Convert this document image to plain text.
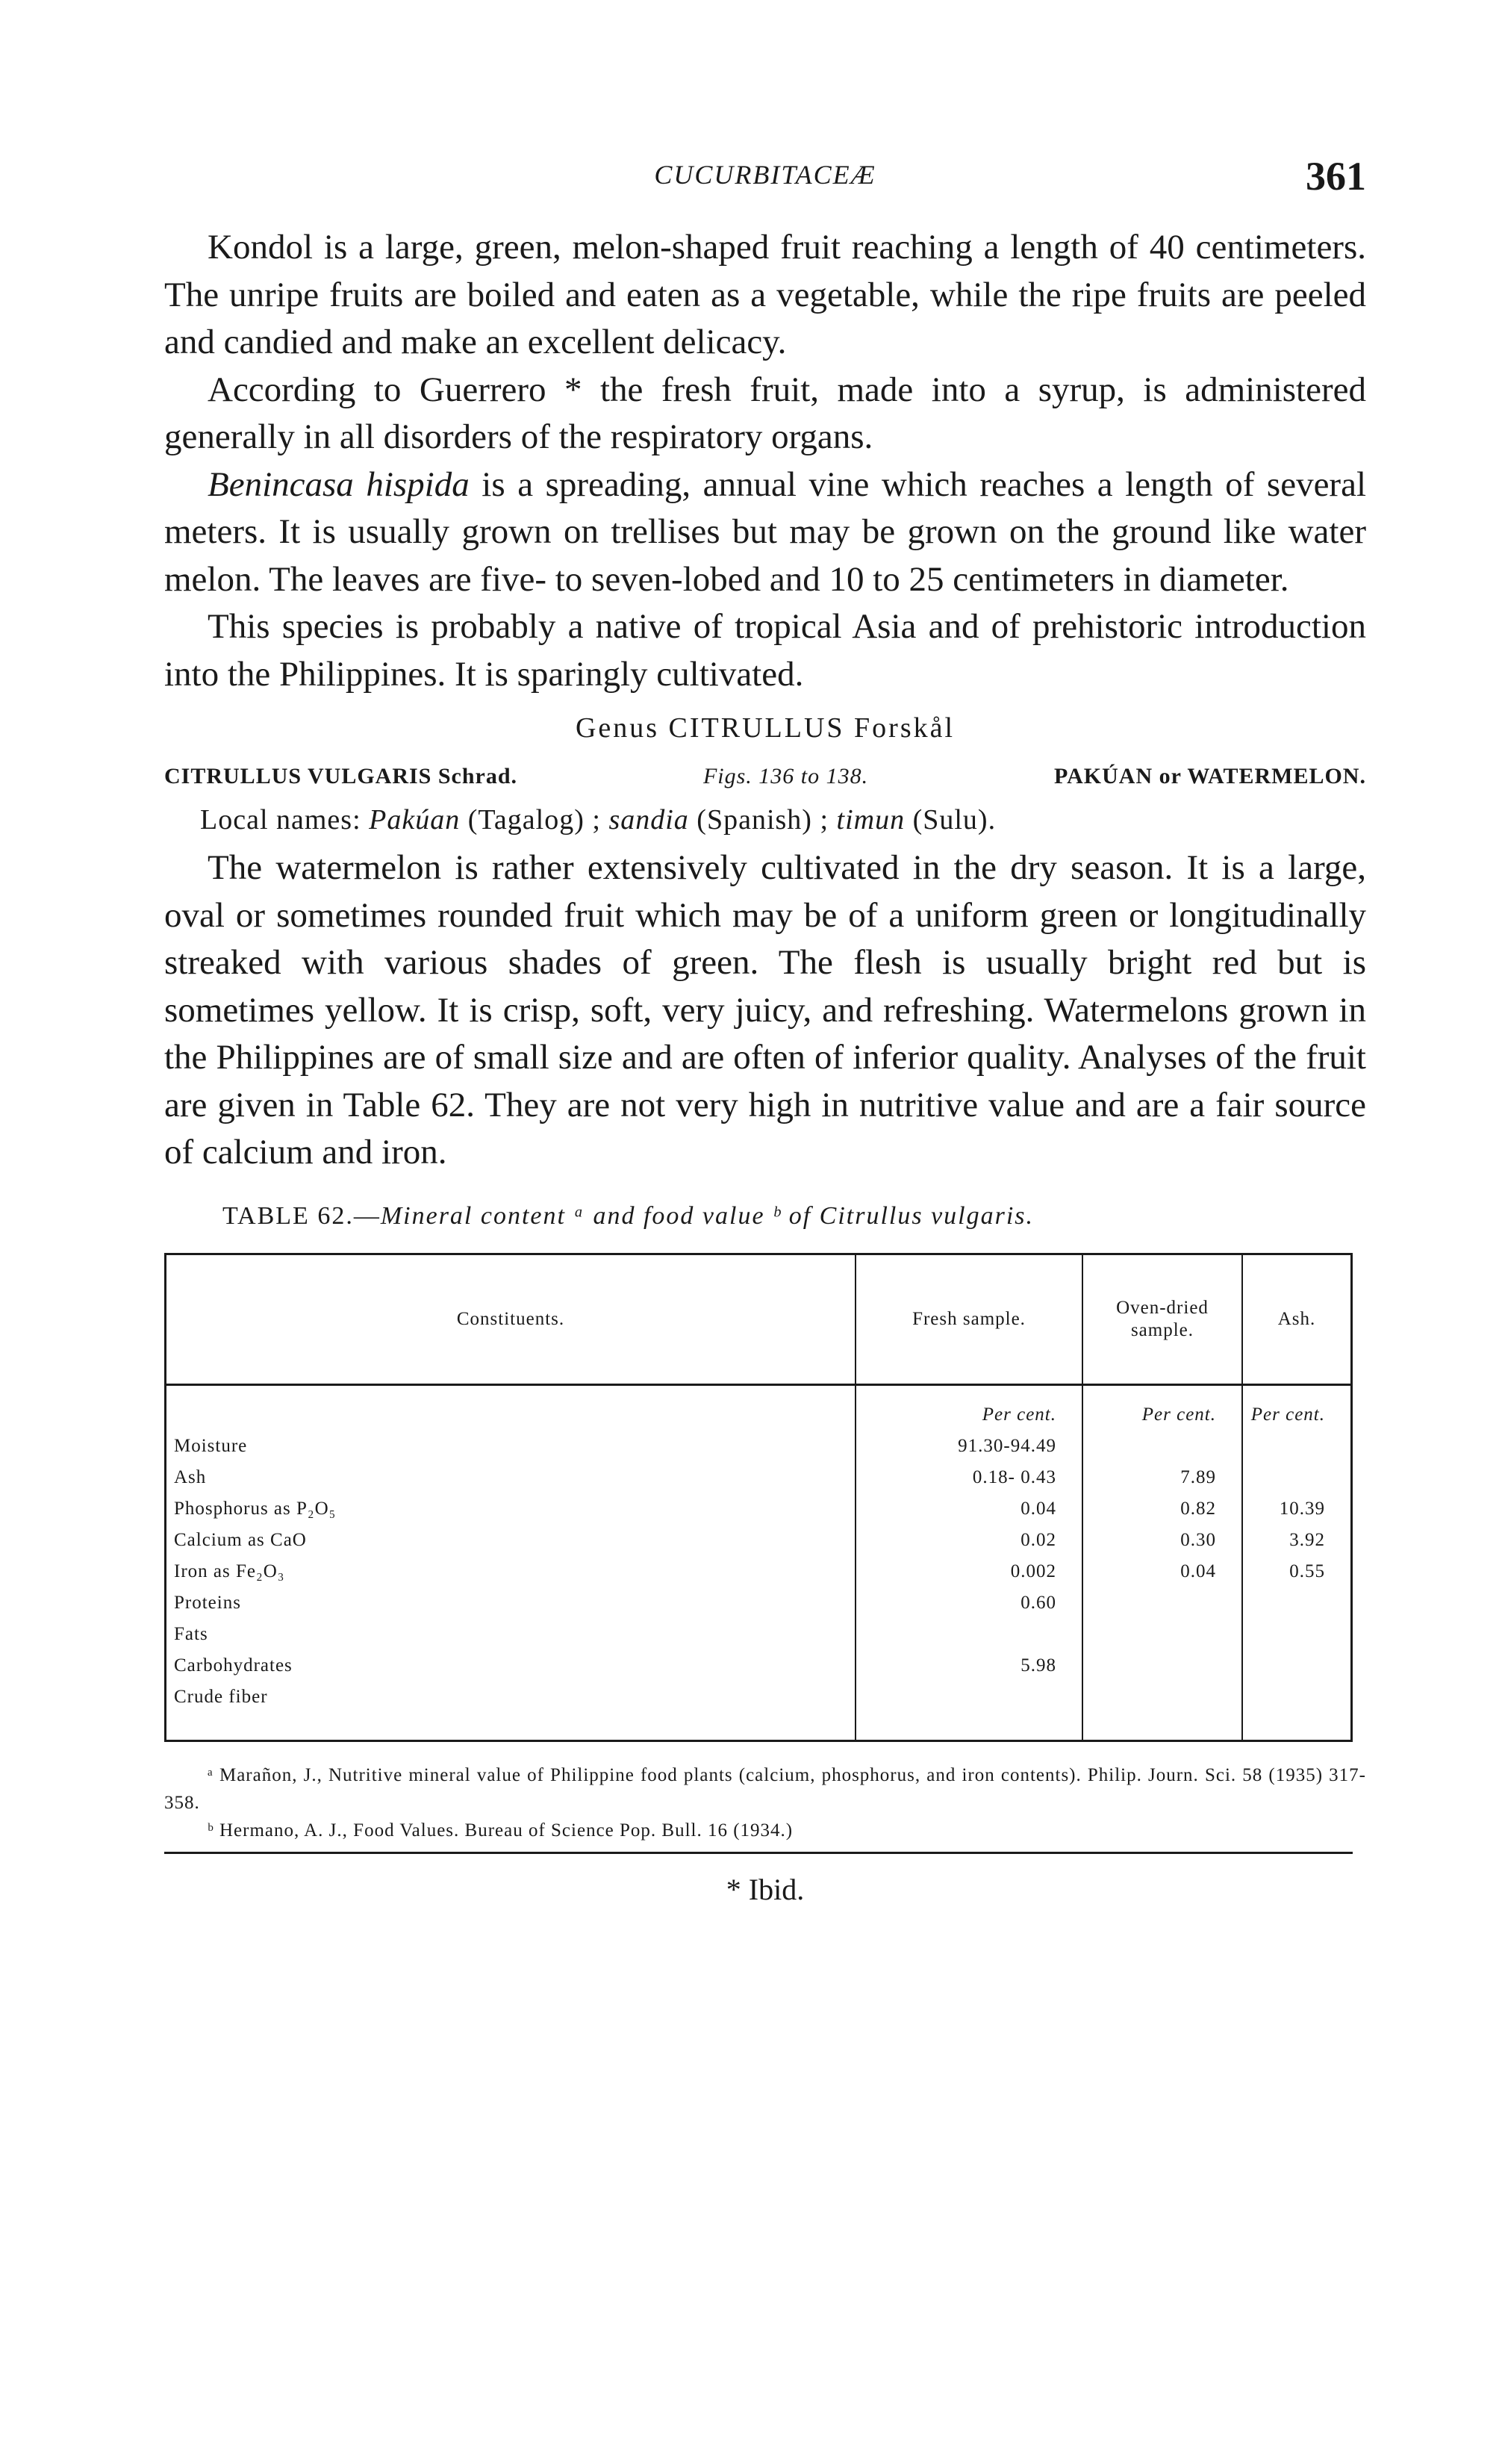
CUCURBITACEÆ	361

Kondol is a large, green, melon-shaped fruit reaching a length of 40 centimeters. The unripe fruits are boiled and eaten as a vegetable, while the ripe fruits are peeled and candied and make an excellent delicacy.

According to Guerrero * the fresh fruit, made into a syrup, is administered generally in all disorders of the respiratory organs.

Benincasa hispida is a spreading, annual vine which reaches a length of several meters. It is usually grown on trellises but may be grown on the ground like water melon. The leaves are five- to seven-lobed and 10 to 25 centimeters in diameter.

This species is probably a native of tropical Asia and of prehistoric introduction into the Philippines. It is sparingly cultivated.

Genus CITRULLUS Forskål
CITRULLUS VULGARIS Schrad.	Figs. 136 to 138.	PAKÚAN or WATERMELON.
Local names: Pakúan (Tagalog) ; sandia (Spanish) ; timun (Sulu).

The watermelon is rather extensively cultivated in the dry season. It is a large, oval or sometimes rounded fruit which may be of a uniform green or longitudinally streaked with various shades of green. The flesh is usually bright red but is sometimes yellow. It is crisp, soft, very juicy, and refreshing. Watermelons grown in the Philippines are of small size and are often of inferior quality. Analyses of the fruit are given in Table 62. They are not very high in nutritive value and are a fair source of calcium and iron.

TABLE 62.—Mineral content ᵃ and food value ᵇ of Citrullus vulgaris.
Constituents.	Fresh sample.	Oven-dried sample.	Ash.
	Per cent.	Per cent.	Per cent.
Moisture	91.30-94.49		
Ash	0.18- 0.43	7.89	
Phosphorus as P₂O₅	0.04	0.82	10.39
Calcium as CaO	0.02	0.30	3.92
Iron as Fe₂O₃	0.002	0.04	0.55
Proteins	0.60		
Fats			
Carbohydrates	5.98		
Crude fiber			

ᵃ Marañon, J., Nutritive mineral value of Philippine food plants (calcium, phosphorus, and iron contents). Philip. Journ. Sci. 58 (1935) 317-358.

ᵇ Hermano, A. J., Food Values. Bureau of Science Pop. Bull. 16 (1934.)

* Ibid.
